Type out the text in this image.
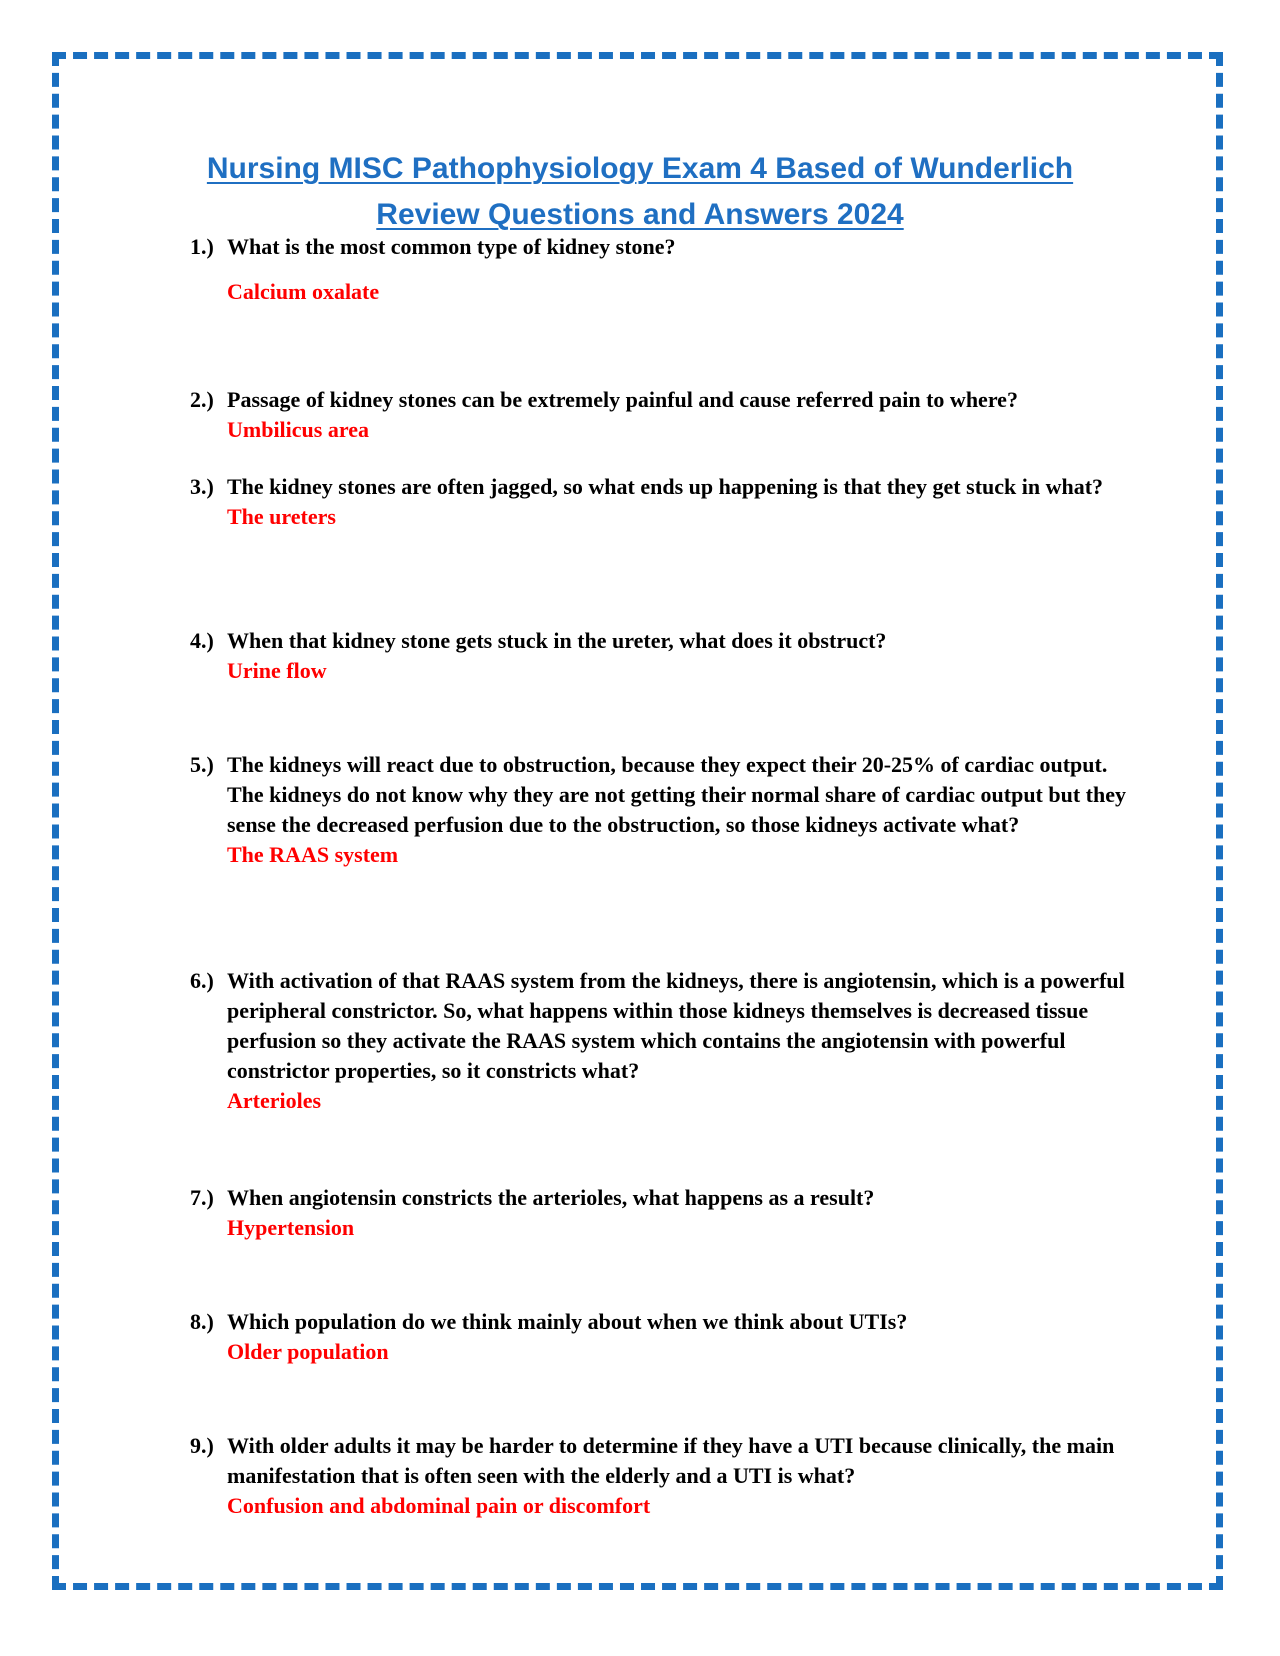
Nursing MISC Pathophysiology Exam 4 Based of Wunderlich
Review Questions and Answers 2024
1.) What is the most common type of kidney stone?
Calcium oxalate
2.) Passage of kidney stones can be extremely painful and cause referred pain to where?
Umbilicus area
3.) The kidney stones are often jagged, so what ends up happening is that they get stuck in what?
The ureters
4.) When that kidney stone gets stuck in the ureter, what does it obstruct?
Urine flow
5.) The kidneys will react due to obstruction, because they expect their 20-25% of cardiac output. The kidneys do not know why they are not getting their normal share of cardiac output but they sense the decreased perfusion due to the obstruction, so those kidneys activate what?
The RAAS system
6.) With activation of that RAAS system from the kidneys, there is angiotensin, which is a powerful peripheral constrictor. So, what happens within those kidneys themselves is decreased tissue perfusion so they activate the RAAS system which contains the angiotensin with powerful constrictor properties, so it constricts what?
Arterioles
7.) When angiotensin constricts the arterioles, what happens as a result?
Hypertension
8.) Which population do we think mainly about when we think about UTIs?
Older population
9.) With older adults it may be harder to determine if they have a UTI because clinically, the main manifestation that is often seen with the elderly and a UTI is what?
Confusion and abdominal pain or discomfort
